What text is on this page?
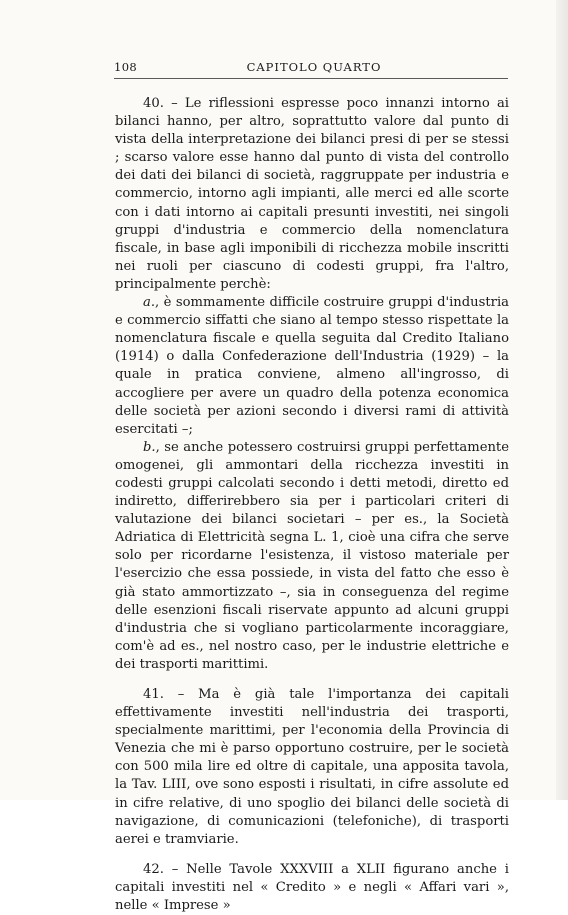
108	CAPITOLO QUARTO

40. – Le riflessioni espresse poco innanzi intorno ai bilanci hanno, per altro, soprattutto valore dal punto di vista della interpretazione dei bilanci presi di per se stessi ; scarso valore esse hanno dal punto di vista del controllo dei dati dei bilanci di società, raggruppate per industria e commercio, intorno agli impianti, alle merci ed alle scorte con i dati intorno ai capitali presunti investiti, nei singoli gruppi d'industria e commercio della nomenclatura fiscale, in base agli imponibili di ricchezza mobile inscritti nei ruoli per ciascuno di codesti gruppi, fra l'altro, principalmente perchè:

a., è sommamente difficile costruire gruppi d'industria e commercio siffatti che siano al tempo stesso rispettate la nomenclatura fiscale e quella seguita dal Credito Italiano (1914) o dalla Confederazione dell'Industria (1929) – la quale in pratica conviene, almeno all'ingrosso, di accogliere per avere un quadro della potenza economica delle società per azioni secondo i diversi rami di attività esercitati –;

b., se anche potessero costruirsi gruppi perfettamente omogenei, gli ammontari della ricchezza investiti in codesti gruppi calcolati secondo i detti metodi, diretto ed indiretto, differirebbero sia per i particolari criteri di valutazione dei bilanci societari – per es., la Società Adriatica di Elettricità segna L. 1, cioè una cifra che serve solo per ricordarne l'esistenza, il vistoso materiale per l'esercizio che essa possiede, in vista del fatto che esso è già stato ammortizzato –, sia in conseguenza del regime delle esenzioni fiscali riservate appunto ad alcuni gruppi d'industria che si vogliano particolarmente incoraggiare, com'è ad es., nel nostro caso, per le industrie elettriche e dei trasporti marittimi.

41. – Ma è già tale l'importanza dei capitali effettivamente investiti nell'industria dei trasporti, specialmente marittimi, per l'economia della Provincia di Venezia che mi è parso opportuno costruire, per le società con 500 mila lire ed oltre di capitale, una apposita tavola, la Tav. LIII, ove sono esposti i risultati, in cifre assolute ed in cifre relative, di uno spoglio dei bilanci delle società di navigazione, di comunicazioni (telefoniche), di trasporti aerei e tramviarie.

42. – Nelle Tavole XXXVIII a XLII figurano anche i capitali investiti nel « Credito » e negli « Affari vari », nelle « Imprese »
